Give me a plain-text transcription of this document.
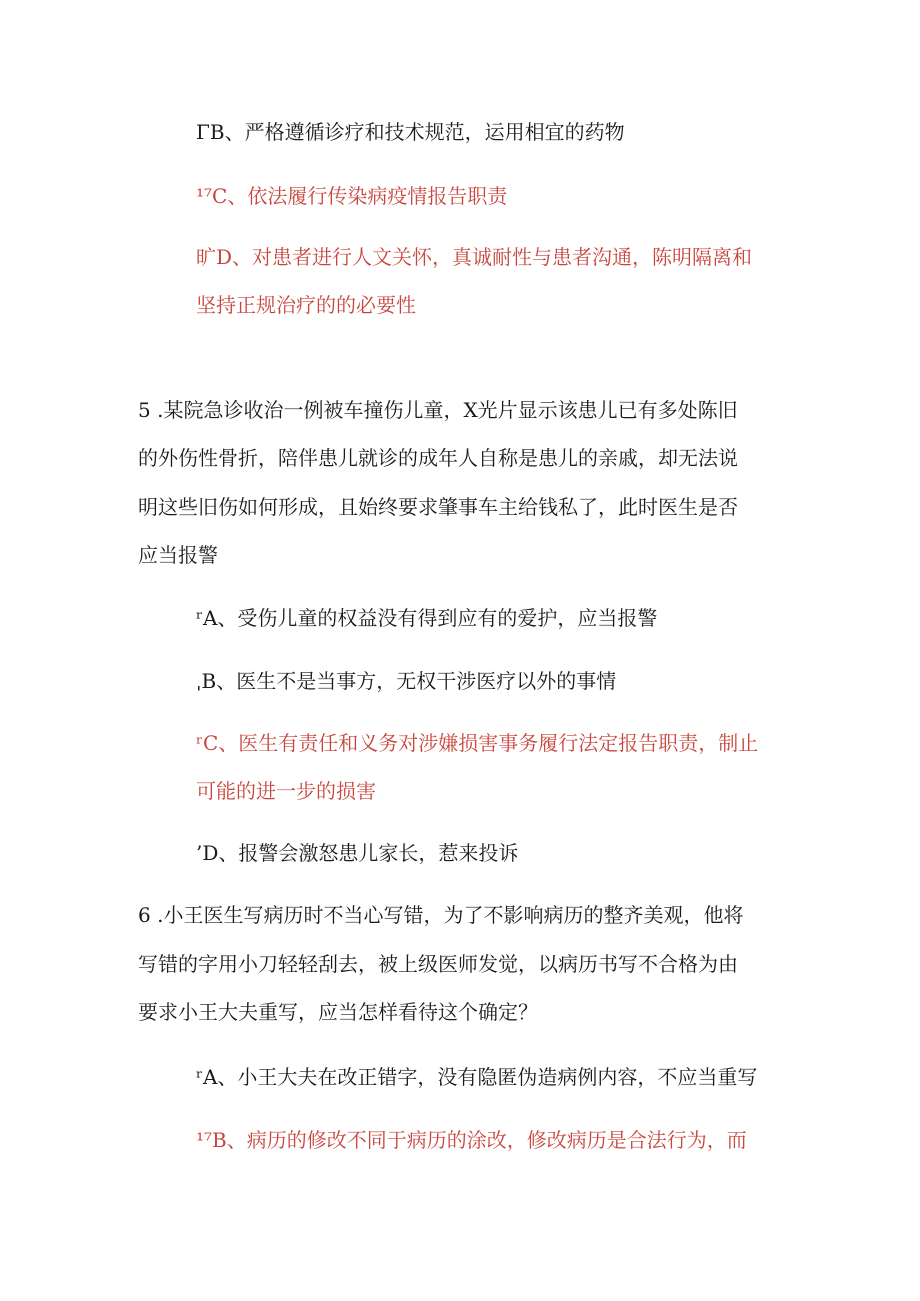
ΓB、严格遵循诊疗和技术规范，运用相宜的药物
¹⁷C、依法履行传染病疫情报告职责
旷D、对患者进行人文关怀，真诚耐性与患者沟通，陈明隔离和
坚持正规治疗的的必要性
5 .某院急诊收治一例被车撞伤儿童，X光片显示该患儿已有多处陈旧
的外伤性骨折，陪伴患儿就诊的成年人自称是患儿的亲戚，却无法说
明这些旧伤如何形成，且始终要求肇事车主给钱私了，此时医生是否
应当报警
ʳA、受伤儿童的权益没有得到应有的爱护，应当报警
ˌB、医生不是当事方，无权干涉医疗以外的事情
ʳC、医生有责任和义务对涉嫌损害事务履行法定报告职责，制止
可能的进一步的损害
’D、报警会激怒患儿家长，惹来投诉
6 .小王医生写病历时不当心写错，为了不影响病历的整齐美观，他将
写错的字用小刀轻轻刮去，被上级医师发觉，以病历书写不合格为由
要求小王大夫重写，应当怎样看待这个确定？
ʳA、小王大夫在改正错字，没有隐匿伪造病例内容，不应当重写
¹⁷B、病历的修改不同于病历的涂改，修改病历是合法行为，而
